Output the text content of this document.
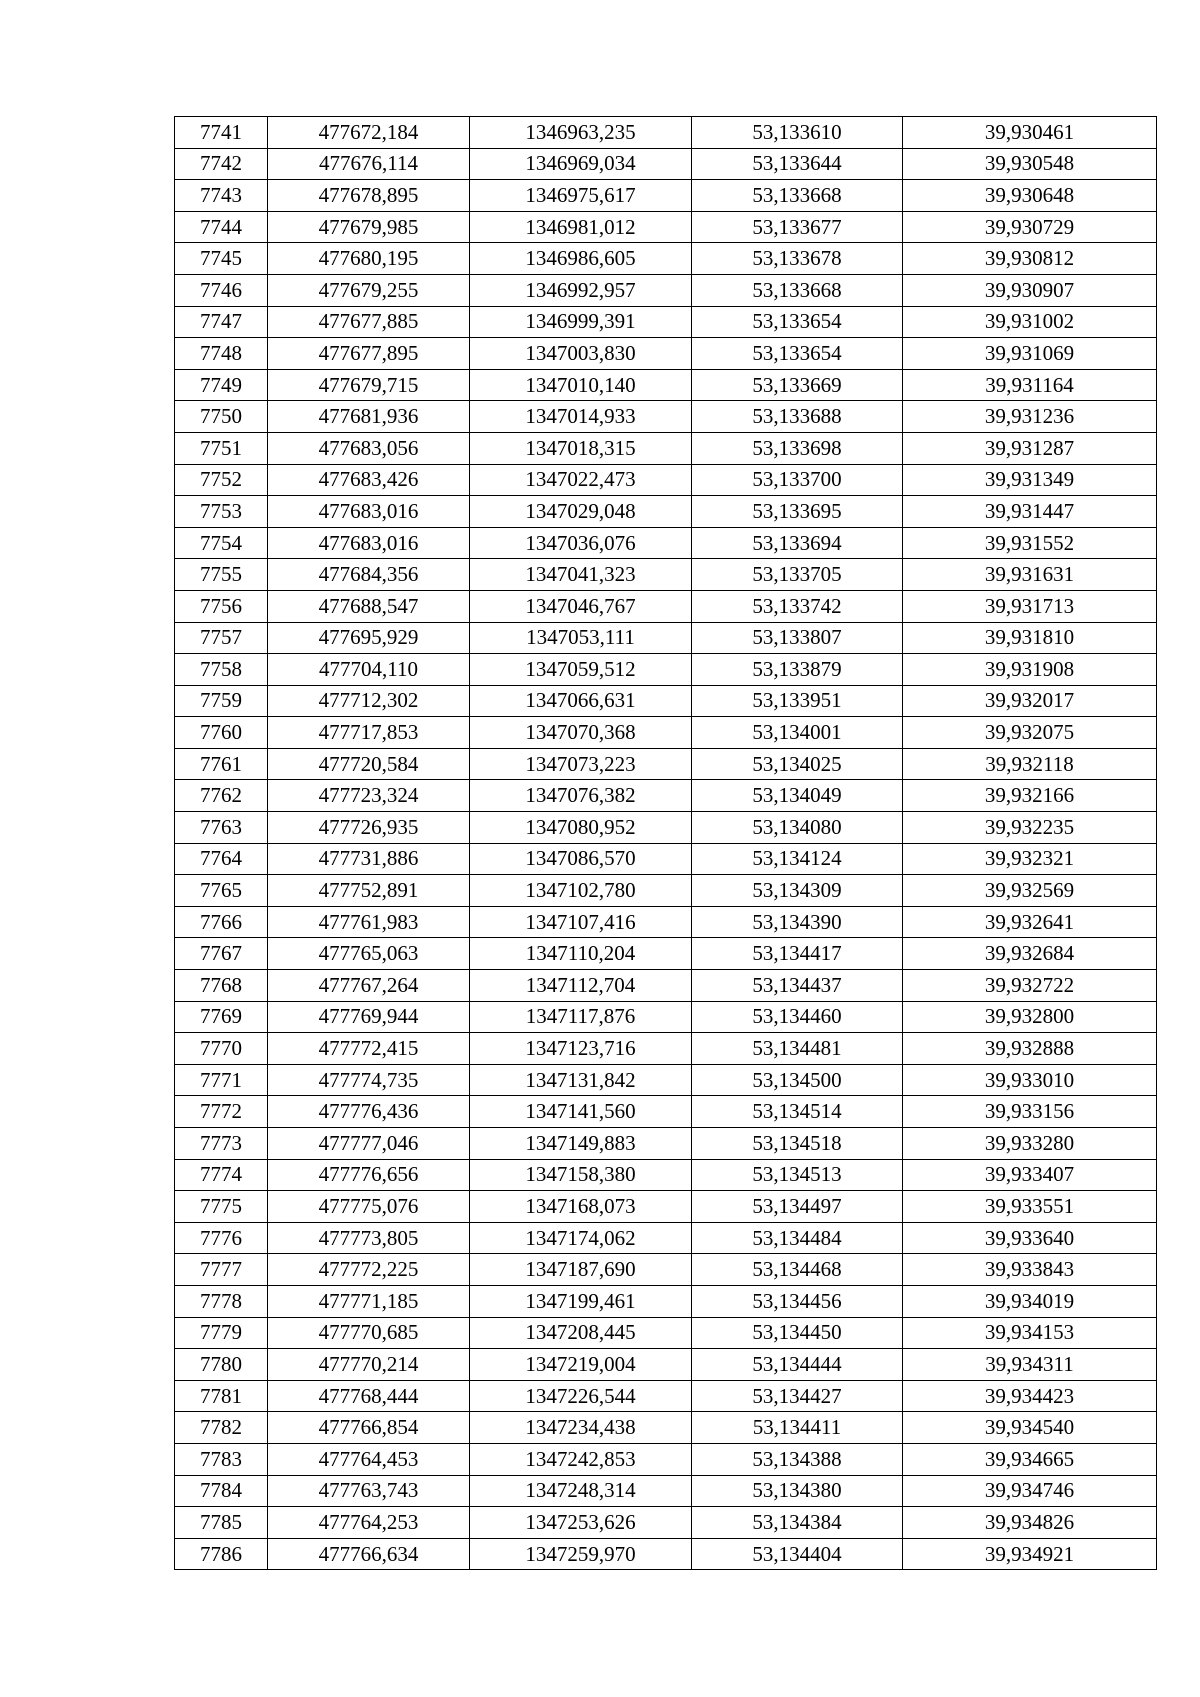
7741	477672,184	1346963,235	53,133610	39,930461
7742	477676,114	1346969,034	53,133644	39,930548
7743	477678,895	1346975,617	53,133668	39,930648
7744	477679,985	1346981,012	53,133677	39,930729
7745	477680,195	1346986,605	53,133678	39,930812
7746	477679,255	1346992,957	53,133668	39,930907
7747	477677,885	1346999,391	53,133654	39,931002
7748	477677,895	1347003,830	53,133654	39,931069
7749	477679,715	1347010,140	53,133669	39,931164
7750	477681,936	1347014,933	53,133688	39,931236
7751	477683,056	1347018,315	53,133698	39,931287
7752	477683,426	1347022,473	53,133700	39,931349
7753	477683,016	1347029,048	53,133695	39,931447
7754	477683,016	1347036,076	53,133694	39,931552
7755	477684,356	1347041,323	53,133705	39,931631
7756	477688,547	1347046,767	53,133742	39,931713
7757	477695,929	1347053,111	53,133807	39,931810
7758	477704,110	1347059,512	53,133879	39,931908
7759	477712,302	1347066,631	53,133951	39,932017
7760	477717,853	1347070,368	53,134001	39,932075
7761	477720,584	1347073,223	53,134025	39,932118
7762	477723,324	1347076,382	53,134049	39,932166
7763	477726,935	1347080,952	53,134080	39,932235
7764	477731,886	1347086,570	53,134124	39,932321
7765	477752,891	1347102,780	53,134309	39,932569
7766	477761,983	1347107,416	53,134390	39,932641
7767	477765,063	1347110,204	53,134417	39,932684
7768	477767,264	1347112,704	53,134437	39,932722
7769	477769,944	1347117,876	53,134460	39,932800
7770	477772,415	1347123,716	53,134481	39,932888
7771	477774,735	1347131,842	53,134500	39,933010
7772	477776,436	1347141,560	53,134514	39,933156
7773	477777,046	1347149,883	53,134518	39,933280
7774	477776,656	1347158,380	53,134513	39,933407
7775	477775,076	1347168,073	53,134497	39,933551
7776	477773,805	1347174,062	53,134484	39,933640
7777	477772,225	1347187,690	53,134468	39,933843
7778	477771,185	1347199,461	53,134456	39,934019
7779	477770,685	1347208,445	53,134450	39,934153
7780	477770,214	1347219,004	53,134444	39,934311
7781	477768,444	1347226,544	53,134427	39,934423
7782	477766,854	1347234,438	53,134411	39,934540
7783	477764,453	1347242,853	53,134388	39,934665
7784	477763,743	1347248,314	53,134380	39,934746
7785	477764,253	1347253,626	53,134384	39,934826
7786	477766,634	1347259,970	53,134404	39,934921
